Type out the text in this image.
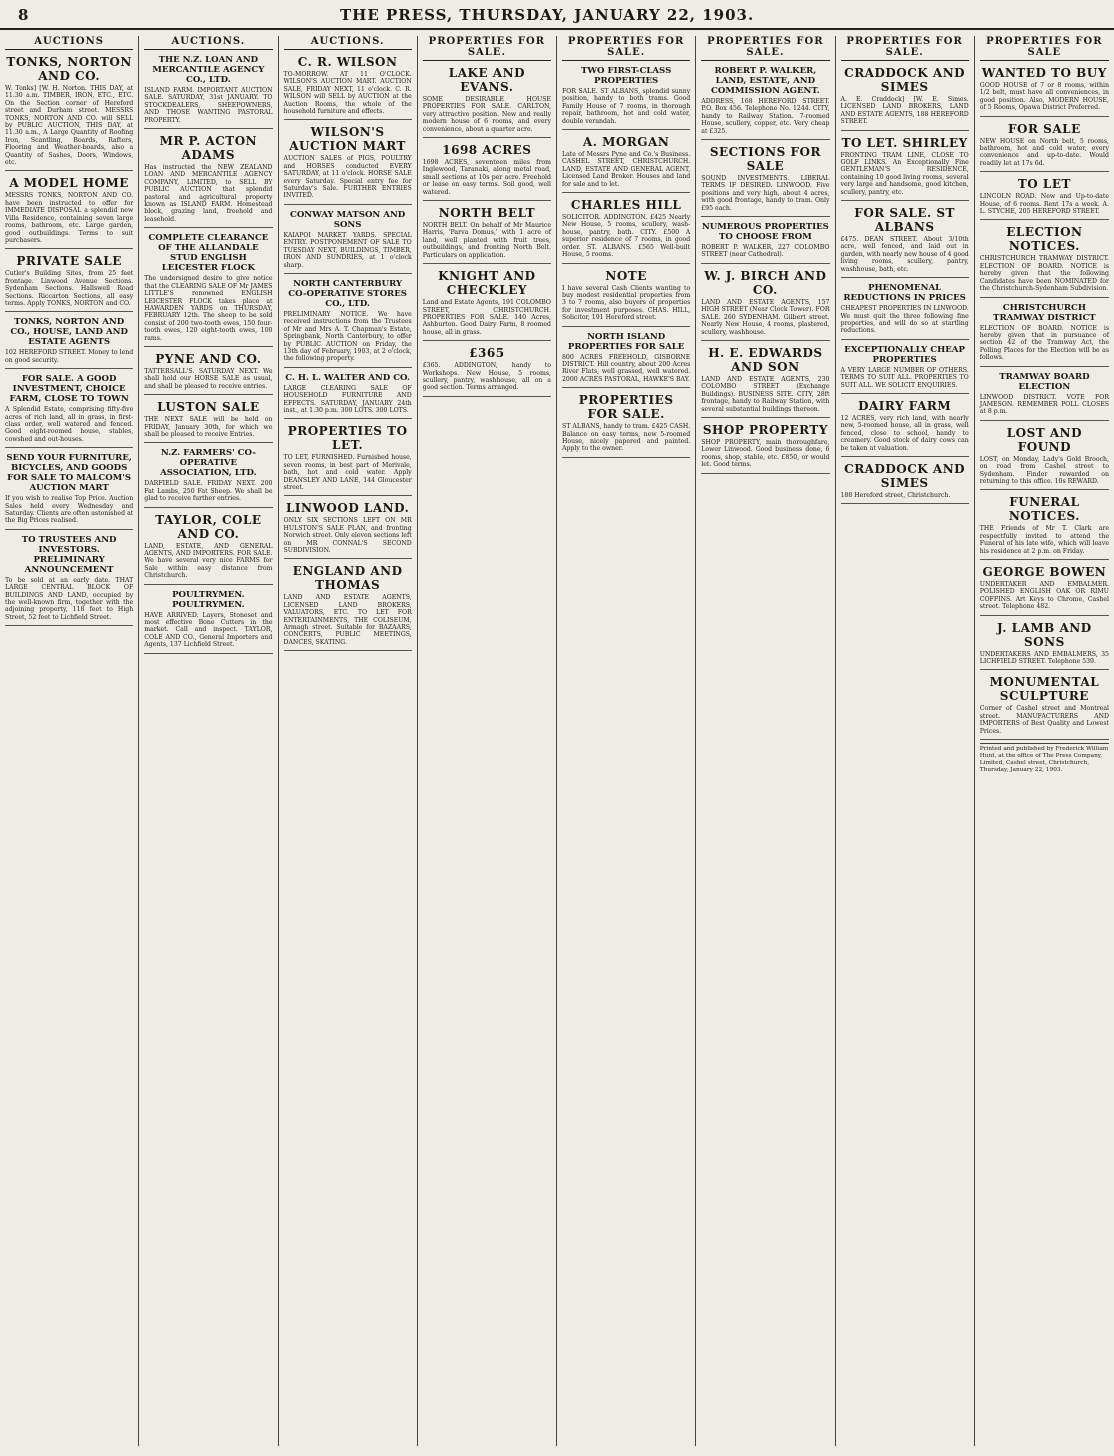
8	THE PRESS, THURSDAY, JANUARY 22, 1903.
AUCTIONS
TONKS, NORTON AND CO.
W. Tonks] [W. H. Norton. THIS DAY, at 11.30 a.m. TIMBER, IRON, ETC., ETC. On the Section corner of Hereford street and Durham street. MESSRS TONKS, NORTON AND CO. will SELL by PUBLIC AUCTION, THIS DAY, at 11.30 a.m., A Large Quantity of Roofing Iron, Scantling, Boards, Rafters, Flooring and Weather-boards, also a Quantity of Sashes, Doors, Windows, etc.
A MODEL HOME
MESSRS TONKS, NORTON AND CO. have been instructed to offer for IMMEDIATE DISPOSAL a splendid new Villa Residence, containing seven large rooms, bathroom, etc. Large garden, good outbuildings. Terms to suit purchasers.
PRIVATE SALE
Cutler's Building Sites, from 25 feet frontage. Linwood Avenue Sections. Sydenham Sections. Hallswell Road Sections. Riccarton Sections, all easy terms. Apply TONKS, NORTON and CO.
TONKS, NORTON AND CO., HOUSE, LAND AND ESTATE AGENTS
102 HEREFORD STREET. Money to lend on good security.
FOR SALE. A GOOD INVESTMENT, CHOICE FARM, CLOSE TO TOWN
A Splendid Estate, comprising fifty-five acres of rich land, all in grass, in first-class order, well watered and fenced. Good eight-roomed house, stables, cowshed and out-houses.
SEND YOUR FURNITURE, BICYCLES, AND GOODS FOR SALE TO MALCOM'S AUCTION MART
If you wish to realise Top Price. Auction Sales held every Wednesday and Saturday. Clients are often astonished at the Big Prices realised.
TO TRUSTEES AND INVESTORS. PRELIMINARY ANNOUNCEMENT
To be sold at an early date. THAT LARGE CENTRAL BLOCK OF BUILDINGS AND LAND, occupied by the well-known firm, together with the adjoining property, 118 feet to High Street, 52 feet to Lichfield Street.
AUCTIONS.
THE N.Z. LOAN AND MERCANTILE AGENCY CO., LTD.
ISLAND FARM. IMPORTANT AUCTION SALE. SATURDAY, 31st JANUARY. TO STOCKDEALERS, SHEEPOWNERS, AND THOSE WANTING PASTORAL PROPERTY.
MR P. ACTON ADAMS
Has instructed the NEW ZEALAND LOAN AND MERCANTILE AGENCY COMPANY, LIMITED, to SELL BY PUBLIC AUCTION that splendid pastoral and agricultural property known as ISLAND FARM. Homestead block, grazing land, freehold and leasehold.
COMPLETE CLEARANCE OF THE ALLANDALE STUD ENGLISH LEICESTER FLOCK
The undersigned desire to give notice that the CLEARING SALE OF Mr JAMES LITTLE'S renowned ENGLISH LEICESTER FLOCK takes place at HAWARDEN YARDS on THURSDAY, FEBRUARY 12th. The sheep to be sold consist of 200 two-tooth ewes, 150 four-tooth ewes, 120 eight-tooth ewes, 100 rams.
PYNE AND CO.
TATTERSALL'S. SATURDAY NEXT. We shall hold our HORSE SALE as usual, and shall be pleased to receive entries.
LUSTON SALE
THE NEXT SALE will be held on FRIDAY, January 30th, for which we shall be pleased to receive Entries.
N.Z. FARMERS' CO-OPERATIVE ASSOCIATION, LTD.
DARFIELD SALE. FRIDAY NEXT. 200 Fat Lambs, 250 Fat Sheep. We shall be glad to receive further entries.
TAYLOR, COLE AND CO.
LAND, ESTATE, AND GENERAL AGENTS, AND IMPORTERS. FOR SALE. We have several very nice FARMS for Sale within easy distance from Christchurch.
POULTRYMEN. POULTRYMEN.
HAVE ARRIVED. Layers, Stoneset and most effective Bone Cutters in the market. Call and inspect. TAYLOR, COLE AND CO., General Importers and Agents, 137 Lichfield Street.
AUCTIONS.
C. R. WILSON
TO-MORROW. AT 11 O'CLOCK. WILSON'S AUCTION MART. AUCTION SALE, FRIDAY NEXT, 11 o'clock. C. R. WILSON will SELL by AUCTION at the Auction Rooms, the whole of the household furniture and effects.
WILSON'S AUCTION MART
AUCTION SALES of PIGS, POULTRY and HORSES conducted EVERY SATURDAY, at 11 o'clock. HORSE SALE every Saturday. Special entry fee for Saturday's Sale. FURTHER ENTRIES INVITED.
CONWAY MATSON AND SONS
KAIAPOI MARKET YARDS. SPECIAL ENTRY. POSTPONEMENT OF SALE TO TUESDAY NEXT, BUILDINGS, TIMBER, IRON AND SUNDRIES, at 1 o'clock sharp.
NORTH CANTERBURY CO-OPERATIVE STORES CO., LTD.
PRELIMINARY NOTICE. We have received instructions from the Trustees of Mr and Mrs A. T. Chapman's Estate, Springbank, North Canterbury, to offer by PUBLIC AUCTION on Friday, the 13th day of February, 1903, at 2 o'clock, the following property.
C. H. L. WALTER AND CO.
LARGE CLEARING SALE OF HOUSEHOLD FURNITURE AND EFFECTS. SATURDAY, JANUARY 24th inst., at 1.30 p.m. 300 LOTS. 300 LOTS.
PROPERTIES TO LET.
TO LET, FURNISHED. Furnished house, seven rooms, in best part of Merivale, bath, hot and cold water. Apply DEANSLEY AND LANE, 144 Gloucester street.
LINWOOD LAND.
ONLY SIX SECTIONS LEFT ON MR HULSTON'S SALE PLAN, and fronting Norwich street. Only eleven sections left on MR CONNAL'S SECOND SUBDIVISION.
ENGLAND AND THOMAS
LAND AND ESTATE AGENTS, LICENSED LAND BROKERS, VALUATORS, ETC. TO LET FOR ENTERTAINMENTS, THE COLISEUM, Armagh street. Suitable for BAZAARS, CONCERTS, PUBLIC MEETINGS, DANCES, SKATING.
PROPERTIES FOR SALE.
LAKE AND EVANS.
SOME DESIRABLE HOUSE PROPERTIES FOR SALE. CARLTON, very attractive position. New and really modern house of 6 rooms, and every convenience, about a quarter acre.
1698 ACRES
1698 ACRES, seventeen miles from Inglewood, Taranaki, along metal road, small sections at 10s per acre. Freehold or lease on easy terms. Soil good, well watered.
NORTH BELT
NORTH BELT. On behalf of Mr Maurice Harris, 'Parva Domus,' with 1 acre of land, well planted with fruit trees, outbuildings, and fronting North Belt. Particulars on application.
KNIGHT AND CHECKLEY
Land and Estate Agents, 191 COLOMBO STREET, CHRISTCHURCH. PROPERTIES FOR SALE. 140 Acres, Ashburton. Good Dairy Farm, 8 roomed house, all in grass.
£365
£365. ADDINGTON, handy to Workshops. New House, 5 rooms, scullery, pantry, washhouse, all on a good section. Terms arranged.
PROPERTIES FOR SALE.
TWO FIRST-CLASS PROPERTIES
FOR SALE. ST ALBANS, splendid sunny position, handy to both trams. Good Family House of 7 rooms, in thorough repair, bathroom, hot and cold water, double verandah.
A. MORGAN
Late of Messrs Pyne and Co.'s Business. CASHEL STREET, CHRISTCHURCH. LAND, ESTATE AND GENERAL AGENT, Licensed Land Broker. Houses and land for sale and to let.
CHARLES HILL
SOLICITOR. ADDINGTON. £425 Nearly New House, 5 rooms, scullery, wash-house, pantry, bath. CITY. £500 A superior residence of 7 rooms, in good order. ST. ALBANS. £565 Well-built House, 5 rooms.
NOTE
I have several Cash Clients wanting to buy modest residential properties from 3 to 7 rooms, also buyers of properties for investment purposes. CHAS. HILL, Solicitor, 191 Hereford street.
NORTH ISLAND PROPERTIES FOR SALE
800 ACRES FREEHOLD, GISBORNE DISTRICT. Hill country, about 200 Acres River Flats, well grassed, well watered. 2000 ACRES PASTORAL, HAWKE'S BAY.
PROPERTIES FOR SALE.
ST ALBANS, handy to tram. £425 CASH. Balance on easy terms, new 5-roomed House, nicely papered and painted. Apply to the owner.
PROPERTIES FOR SALE.
ROBERT P. WALKER, LAND, ESTATE, AND COMMISSION AGENT.
ADDRESS, 168 HEREFORD STREET. P.O. Box 456. Telephone No. 1244. CITY, handy to Railway Station. 7-roomed House, scullery, copper, etc. Very cheap at £325.
SECTIONS FOR SALE
SOUND INVESTMENTS. LIBERAL TERMS IF DESIRED. LINWOOD. Five positions and very high, about 4 acres, with good frontage, handy to tram. Only £95 each.
NUMEROUS PROPERTIES TO CHOOSE FROM
ROBERT P. WALKER, 227 COLOMBO STREET (near Cathedral).
W. J. BIRCH AND CO.
LAND AND ESTATE AGENTS, 157 HIGH STREET (Near Clock Tower). FOR SALE. 260 SYDENHAM. Gilbert street. Nearly New House, 4 rooms, plastered, scullery, washhouse.
H. E. EDWARDS AND SON
LAND AND ESTATE AGENTS, 230 COLOMBO STREET (Exchange Buildings). BUSINESS SITE. CITY, 28ft frontage, handy to Railway Station, with several substantial buildings thereon.
SHOP PROPERTY
SHOP PROPERTY, main thoroughfare, Lower Linwood. Good business done, 6 rooms, shop, stable, etc. £850, or would let. Good terms.
PROPERTIES FOR SALE.
CRADDOCK AND SIMES
A. E. Craddock] [W. E. Simes. LICENSED LAND BROKERS, LAND AND ESTATE AGENTS, 188 HEREFORD STREET.
TO LET. SHIRLEY
FRONTING TRAM LINE, CLOSE TO GOLF LINKS. An Exceptionally Fine GENTLEMAN'S RESIDENCE, containing 10 good living rooms, several very large and handsome, good kitchen, scullery, pantry, etc.
FOR SALE. ST ALBANS
£475. DEAN STREET. About 3/10th acre, well fenced, and laid out in garden, with nearly new house of 4 good living rooms, scullery, pantry, washhouse, bath, etc.
PHENOMENAL REDUCTIONS IN PRICES
CHEAPEST PROPERTIES IN LINWOOD. We must quit the three following fine properties, and will do so at startling reductions.
EXCEPTIONALLY CHEAP PROPERTIES
A VERY LARGE NUMBER OF OTHERS. TERMS TO SUIT ALL. PROPERTIES TO SUIT ALL. WE SOLICIT ENQUIRIES.
DAIRY FARM
12 ACRES, very rich land, with nearly new, 5-roomed house, all in grass, well fenced, close to school, handy to creamery. Good stock of dairy cows can be taken at valuation.
CRADDOCK AND SIMES
188 Hereford street, Christchurch.
PROPERTIES FOR SALE
WANTED TO BUY
GOOD HOUSE of 7 or 8 rooms, within 1/2 belt, must have all conveniences, in good position. Also, MODERN HOUSE, of 5 Rooms, Opawa District Preferred.
FOR SALE
NEW HOUSE on North belt, 5 rooms, bathroom, hot and cold water, every convenience and up-to-date. Would readily let at 17s 6d.
TO LET
LINCOLN ROAD. New and Up-to-date House, of 6 rooms. Rent 17s a week. A. L. STYCHE, 205 HEREFORD STREET.
ELECTION NOTICES.
CHRISTCHURCH TRAMWAY DISTRICT. ELECTION OF BOARD. NOTICE is hereby given that the following Candidates have been NOMINATED for the Christchurch-Sydenham Subdivision.
CHRISTCHURCH TRAMWAY DISTRICT
ELECTION OF BOARD. NOTICE is hereby given that in pursuance of section 42 of the Tramway Act, the Polling Places for the Election will be as follows.
TRAMWAY BOARD ELECTION
LINWOOD DISTRICT. VOTE FOR JAMESON. REMEMBER POLL CLOSES at 8 p.m.
LOST AND FOUND
LOST, on Monday, Lady's Gold Brooch, on road from Cashel street to Sydenham. Finder rewarded on returning to this office. 10s REWARD.
FUNERAL NOTICES.
THE Friends of Mr T. Clark are respectfully invited to attend the Funeral of his late wife, which will leave his residence at 2 p.m. on Friday.
GEORGE BOWEN
UNDERTAKER AND EMBALMER. POLISHED ENGLISH OAK OR RIMU COFFINS. Art Keys to Chrome, Cashel street. Telephone 482.
J. LAMB AND SONS
UNDERTAKERS AND EMBALMERS, 35 LICHFIELD STREET. Telephone 539.
MONUMENTAL SCULPTURE
Corner of Cashel street and Montreal street. MANUFACTURERS AND IMPORTERS of Best Quality and Lowest Prices.
Printed and published by Frederick William Hunt, at the office of The Press Company, Limited, Cashel street, Christchurch, Thursday, January 22, 1903.
